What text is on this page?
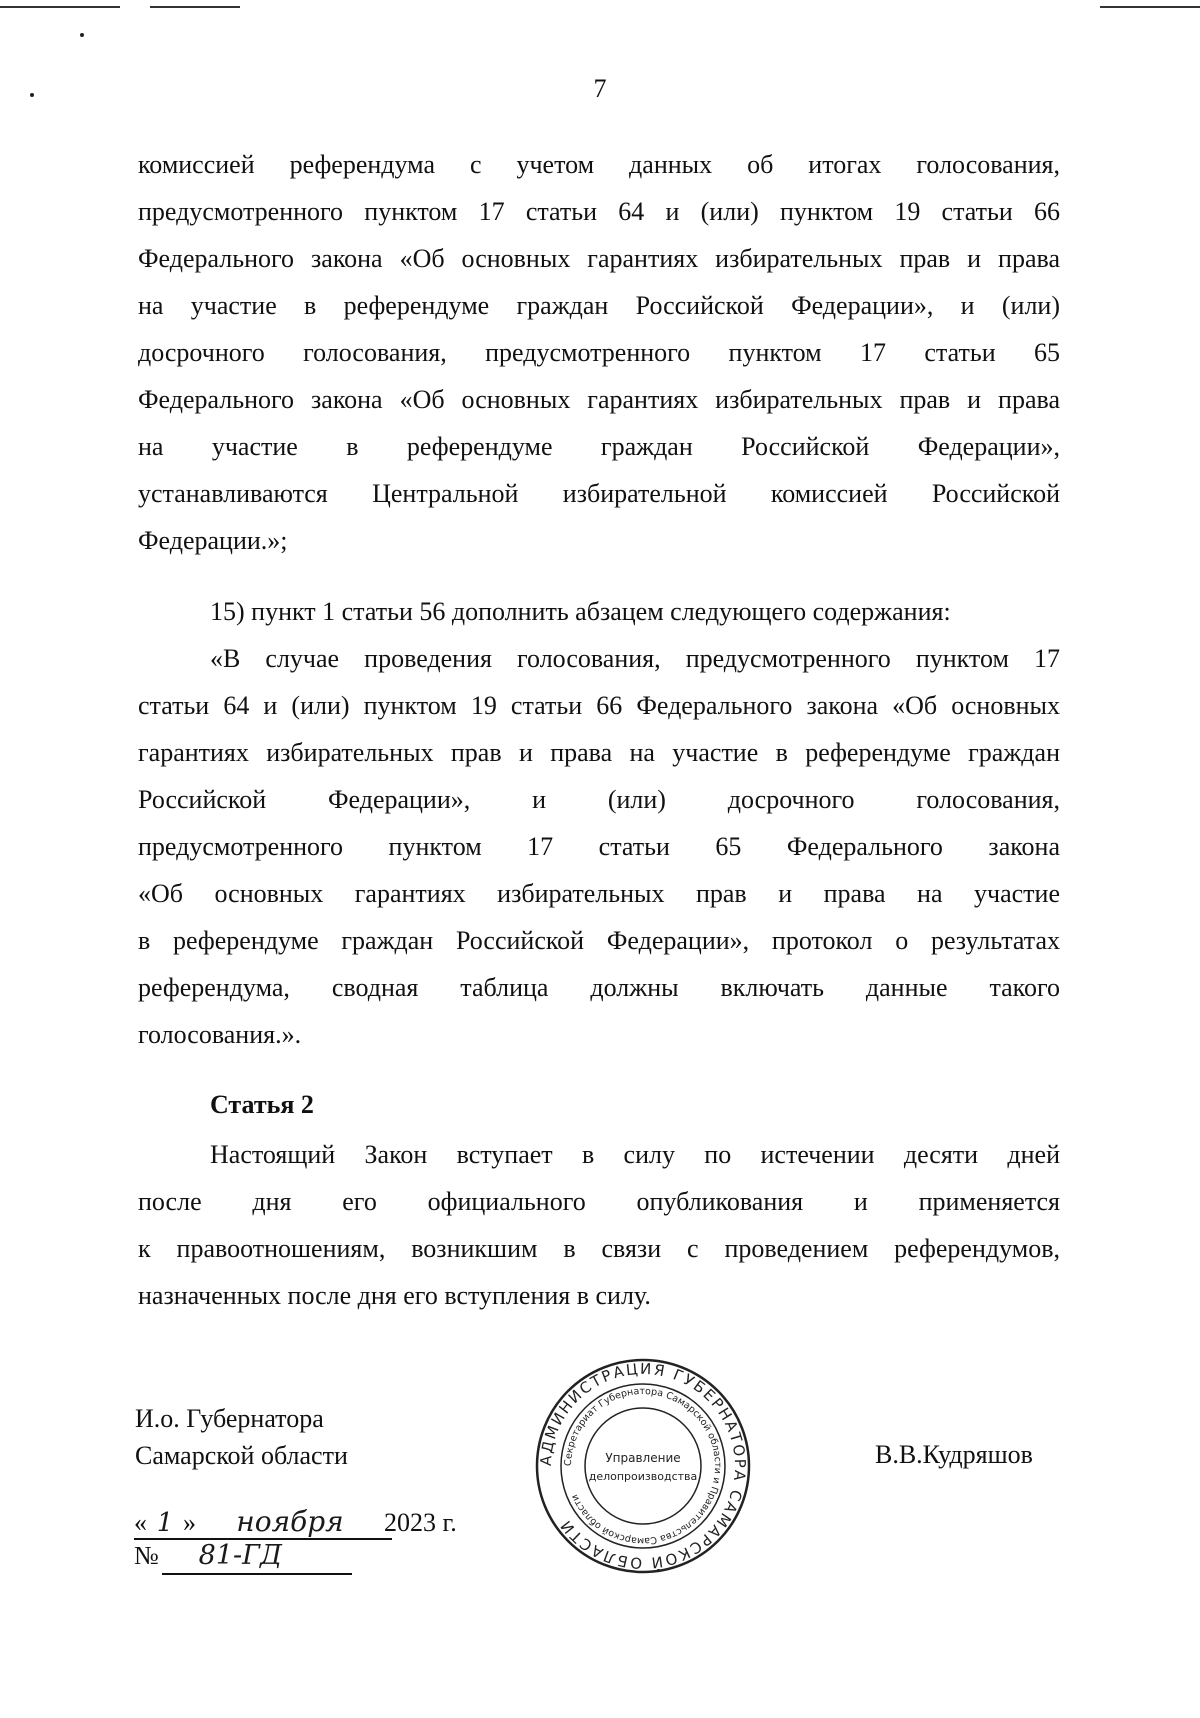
7
комиссией референдума с учетом данных об итогах голосования,
предусмотренного пунктом 17 статьи 64 и (или) пунктом 19 статьи 66
Федерального закона «Об основных гарантиях избирательных прав и права
на участие в референдуме граждан Российской Федерации», и (или)
досрочного голосования, предусмотренного пунктом 17 статьи 65
Федерального закона «Об основных гарантиях избирательных прав и права
на участие в референдуме граждан Российской Федерации»,
устанавливаются Центральной избирательной комиссией Российской
Федерации.»;
15) пункт 1 статьи 56 дополнить абзацем следующего содержания:
«В случае проведения голосования, предусмотренного пунктом 17
статьи 64 и (или) пунктом 19 статьи 66 Федерального закона «Об основных
гарантиях избирательных прав и права на участие в референдуме граждан
Российской Федерации», и (или) досрочного голосования,
предусмотренного пунктом 17 статьи 65 Федерального закона
«Об основных гарантиях избирательных прав и права на участие
в референдуме граждан Российской Федерации», протокол о результатах
референдума, сводная таблица должны включать данные такого
голосования.».
Статья 2
Настоящий Закон вступает в силу по истечении десяти дней
после дня его официального опубликования и применяется
к правоотношениям, возникшим в связи с проведением референдумов,
назначенных после дня его вступления в силу.
И.о. Губернатора
Самарской области	В.В.Кудряшов
АДМИНИСТРАЦИЯ ГУБЕРНАТОРА САМАРСКОЙ ОБЛАСТИ
Секретариат Губернатора Самарской области и Правительства Самарской области
Управление
делопроизводства
« 1 » ноября 2023 г.
№ 81-ГД
